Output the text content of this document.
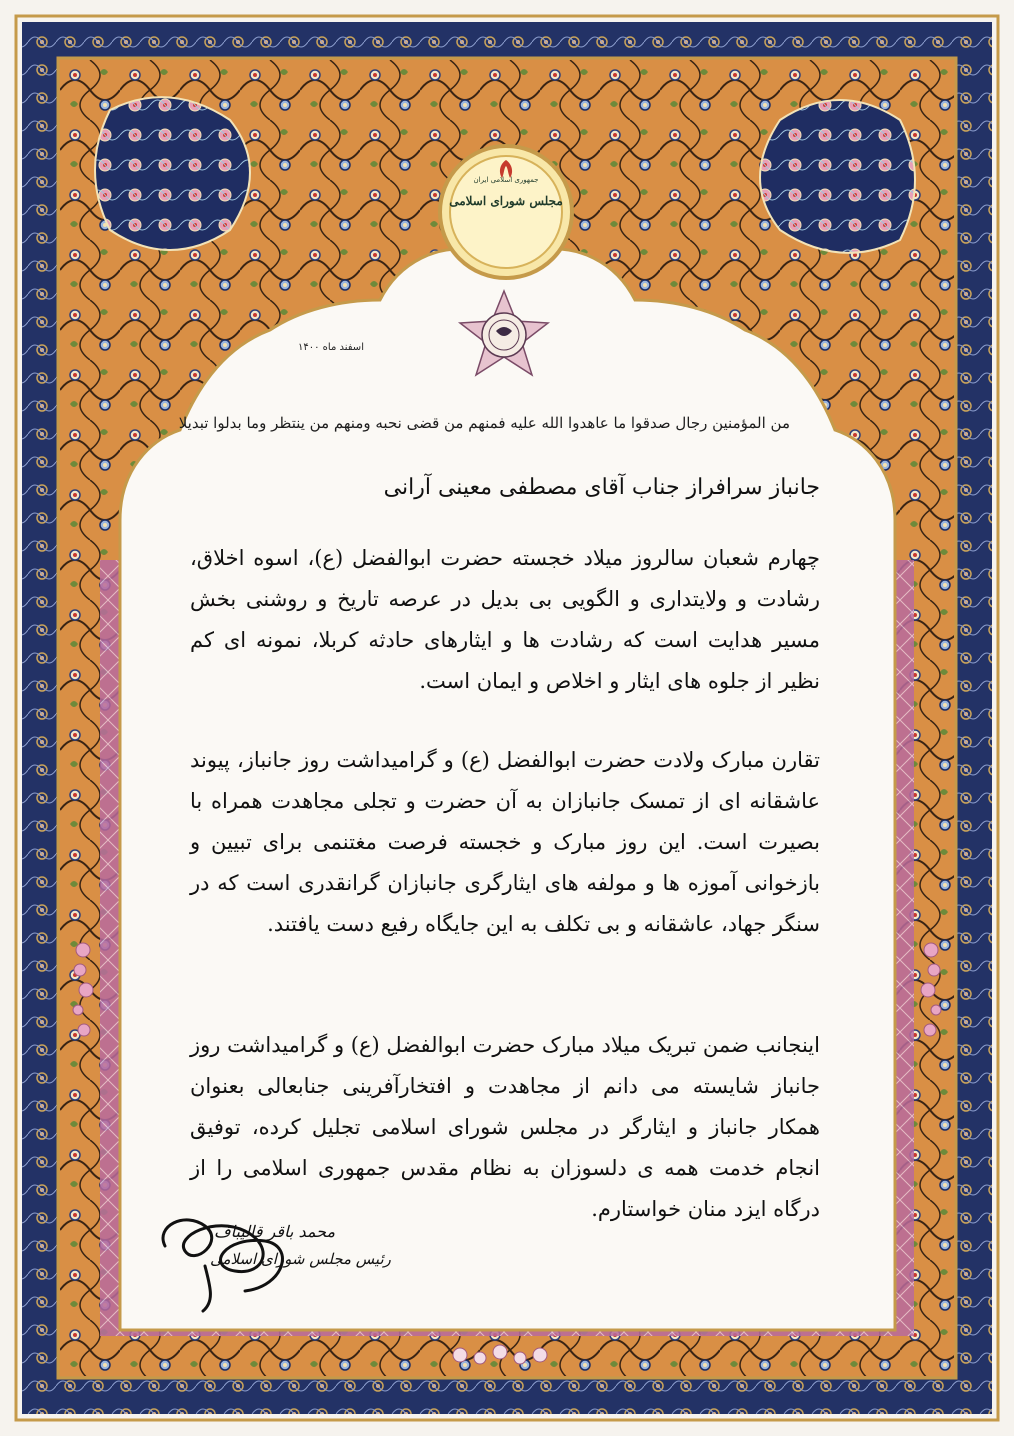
جمهوری اسلامی ایران
مجلس شورای اسلامی
اسفند ماه ۱۴۰۰
من المؤمنین رجال صدقوا ما عاهدوا الله علیه فمنهم من قضی نحبه ومنهم من ینتظر وما بدلوا تبدیلا
جانباز سرافراز جناب آقای مصطفی معینی آرانی
چهارم شعبان سالروز میلاد خجسته حضرت ابوالفضل (ع)، اسوه اخلاق، رشادت و ولایتداری و الگویی بی بدیل در عرصه تاریخ و روشنی بخش مسیر هدایت است که رشادت ها و ایثارهای حادثه کربلا، نمونه ای کم نظیر از جلوه های ایثار و اخلاص و ایمان است.
تقارن مبارک ولادت حضرت ابوالفضل (ع) و گرامیداشت روز جانباز، پیوند عاشقانه ای از تمسک جانبازان به آن حضرت و تجلی مجاهدت همراه با بصیرت است. این روز مبارک و خجسته فرصت مغتنمی برای تبیین و بازخوانی آموزه ها و مولفه های ایثارگری جانبازان گرانقدری است که در سنگر جهاد، عاشقانه و بی تکلف به این جایگاه رفیع دست یافتند.
اینجانب ضمن تبریک میلاد مبارک حضرت ابوالفضل (ع) و گرامیداشت روز جانباز شایسته می دانم از مجاهدت و افتخارآفرینی جنابعالی بعنوان همکار جانباز و ایثارگر در مجلس شورای اسلامی تجلیل کرده، توفیق انجام خدمت همه ی دلسوزان به نظام مقدس جمهوری اسلامی را از درگاه ایزد منان خواستارم.
محمد باقر قالیباف
رئیس مجلس شورای اسلامی
